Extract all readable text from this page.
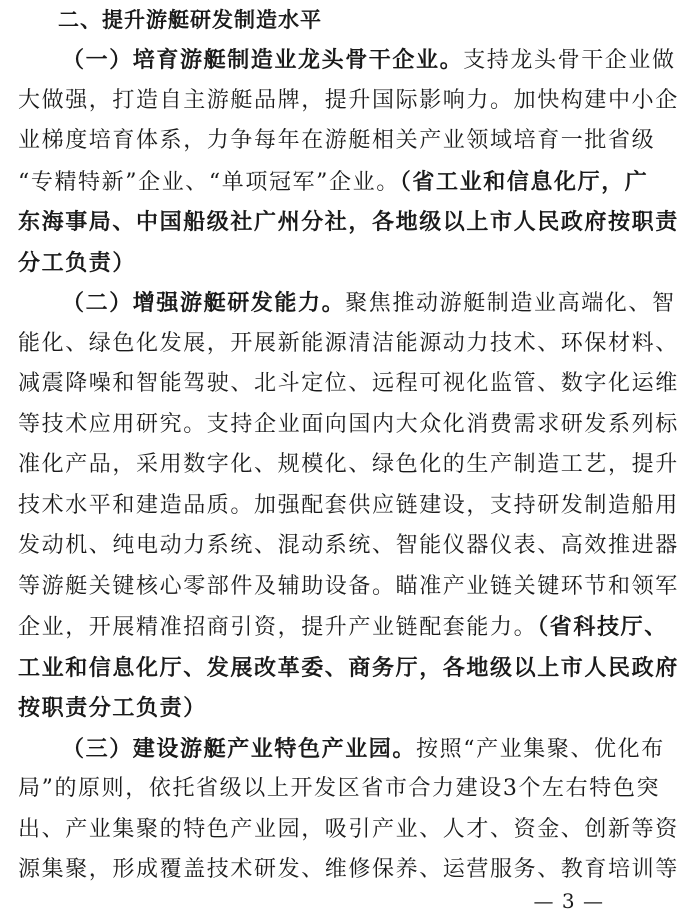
二、提升游艇研发制造水平
（一）培育游艇制造业龙头骨干企业。支持龙头骨干企业做
大做强，打造自主游艇品牌，提升国际影响力。加快构建中小企
业梯度培育体系，力争每年在游艇相关产业领域培育一批省级
“专精特新”企业、“单项冠军”企业。（省工业和信息化厅，广
东海事局、中国船级社广州分社，各地级以上市人民政府按职责
分工负责）
（二）增强游艇研发能力。聚焦推动游艇制造业高端化、智
能化、绿色化发展，开展新能源清洁能源动力技术、环保材料、
减震降噪和智能驾驶、北斗定位、远程可视化监管、数字化运维
等技术应用研究。支持企业面向国内大众化消费需求研发系列标
准化产品，采用数字化、规模化、绿色化的生产制造工艺，提升
技术水平和建造品质。加强配套供应链建设，支持研发制造船用
发动机、纯电动力系统、混动系统、智能仪器仪表、高效推进器
等游艇关键核心零部件及辅助设备。瞄准产业链关键环节和领军
企业，开展精准招商引资，提升产业链配套能力。（省科技厅、
工业和信息化厅、发展改革委、商务厅，各地级以上市人民政府
按职责分工负责）
（三）建设游艇产业特色产业园。按照“产业集聚、优化布
局”的原则，依托省级以上开发区省市合力建设3个左右特色突
出、产业集聚的特色产业园，吸引产业、人才、资金、创新等资
源集聚，形成覆盖技术研发、维修保养、运营服务、教育培训等
— 3 —
